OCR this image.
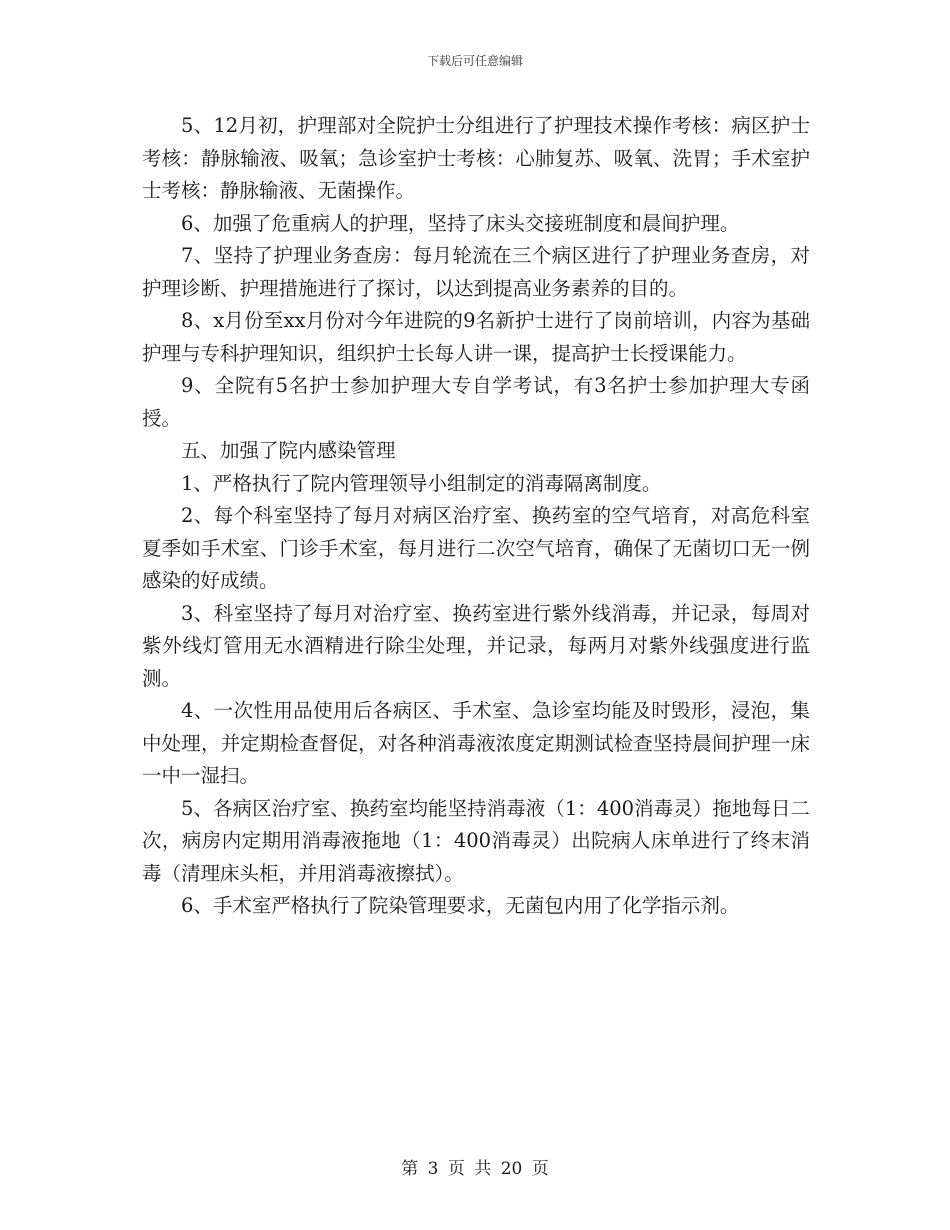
下载后可任意编辑

5、12月初，护理部对全院护士分组进行了护理技术操作考核：病区护士考核：静脉输液、吸氧；急诊室护士考核：心肺复苏、吸氧、洗胃；手术室护士考核：静脉输液、无菌操作。

6、加强了危重病人的护理，坚持了床头交接班制度和晨间护理。

7、坚持了护理业务查房：每月轮流在三个病区进行了护理业务查房，对护理诊断、护理措施进行了探讨，以达到提高业务素养的目的。

8、x月份至xx月份对今年进院的9名新护士进行了岗前培训，内容为基础护理与专科护理知识，组织护士长每人讲一课，提高护士长授课能力。

9、全院有5名护士参加护理大专自学考试，有3名护士参加护理大专函授。

五、加强了院内感染管理

1、严格执行了院内管理领导小组制定的消毒隔离制度。

2、每个科室坚持了每月对病区治疗室、换药室的空气培育，对高危科室夏季如手术室、门诊手术室，每月进行二次空气培育，确保了无菌切口无一例感染的好成绩。

3、科室坚持了每月对治疗室、换药室进行紫外线消毒，并记录，每周对紫外线灯管用无水酒精进行除尘处理，并记录，每两月对紫外线强度进行监测。

4、一次性用品使用后各病区、手术室、急诊室均能及时毁形，浸泡，集中处理，并定期检查督促，对各种消毒液浓度定期测试检查坚持晨间护理一床一中一湿扫。

5、各病区治疗室、换药室均能坚持消毒液（1：400消毒灵）拖地每日二次，病房内定期用消毒液拖地（1：400消毒灵）出院病人床单进行了终末消毒（清理床头柜，并用消毒液擦拭）。

6、手术室严格执行了院染管理要求，无菌包内用了化学指示剂。

第 3 页 共 20 页
